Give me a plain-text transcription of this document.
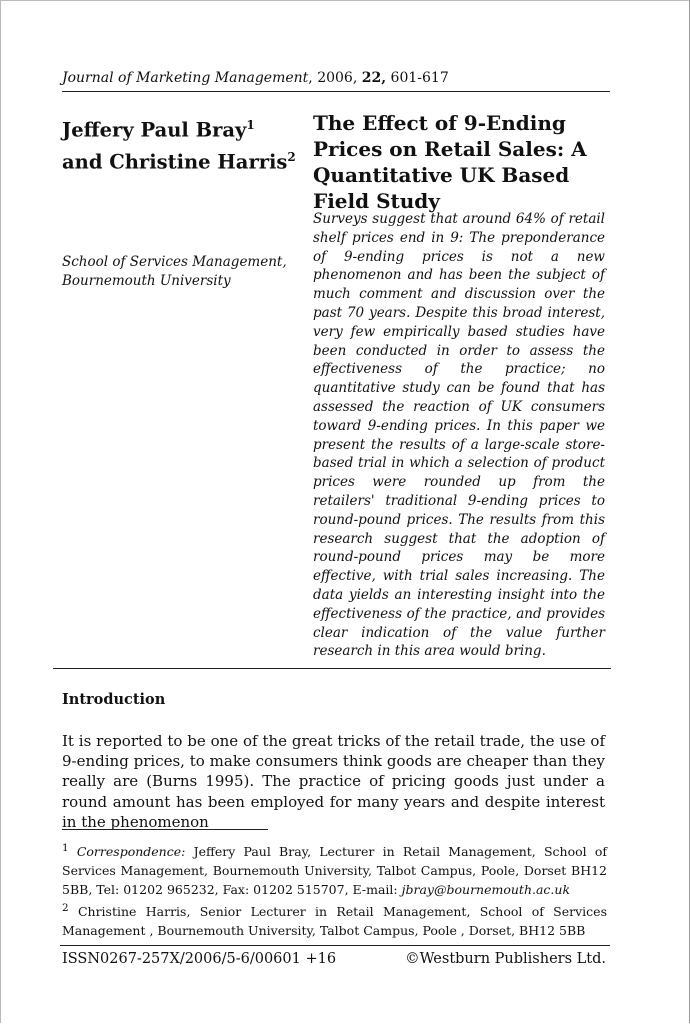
Journal of Marketing Management, 2006, 22, 601-617
Jeffery Paul Bray$^1$
and Christine Harris$^2$
The Effect of 9-Ending Prices on Retail Sales: A Quantitative UK Based Field Study
School of Services Management,
Bournemouth University

Surveys suggest that around 64% of retail shelf prices end in 9: The preponderance of 9-ending prices is not a new phenomenon and has been the subject of much comment and discussion over the past 70 years. Despite this broad interest, very few empirically based studies have been conducted in order to assess the effectiveness of the practice; no quantitative study can be found that has assessed the reaction of UK consumers toward 9-ending prices. In this paper we present the results of a large-scale store-based trial in which a selection of product prices were rounded up from the retailers' traditional 9-ending prices to round-pound prices. The results from this research suggest that the adoption of round-pound prices may be more effective, with trial sales increasing. The data yields an interesting insight into the effectiveness of the practice, and provides clear indication of the value further research in this area would bring.

Introduction

It is reported to be one of the great tricks of the retail trade, the use of 9-ending prices, to make consumers think goods are cheaper than they really are (Burns 1995). The practice of pricing goods just under a round amount has been employed for many years and despite interest in the phenomenon

$^1$ Correspondence: Jeffery Paul Bray, Lecturer in Retail Management, School of Services Management, Bournemouth University, Talbot Campus, Poole, Dorset BH12 5BB, Tel: 01202 965232, Fax: 01202 515707, E-mail: jbray@bournemouth.ac.uk

$^2$ Christine Harris, Senior Lecturer in Retail Management, School of Services Management , Bournemouth University, Talbot Campus, Poole , Dorset, BH12 5BB

ISSN0267-257X/2006/5-6/00601 +16	©Westburn Publishers Ltd.
